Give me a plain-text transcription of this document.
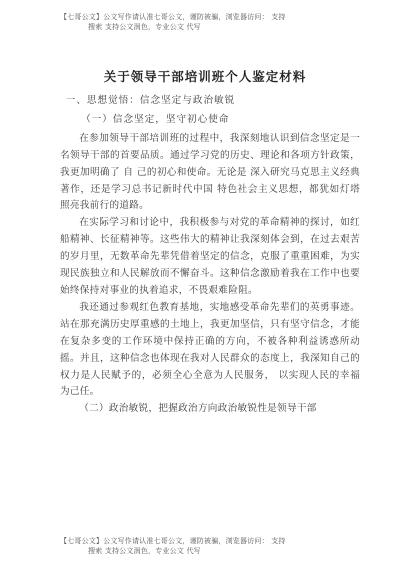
【七哥公文】公文写作请认准七哥公文，谨防被骗，浏览器访问： 支持
搜索 支持公文润色，专业公文 代写
关于领导干部培训班个人鉴定材料

一、思想觉悟：信念坚定与政治敏锐

（一）信念坚定，坚守初心使命

在参加领导干部培训班的过程中，我深刻地认识到信念坚定是一名领导干部的首要品质。通过学习党的历史、理论和各项方针政策，我更加明确了 自 己的初心和使命。无论是 深入研究马克思主义经典著作，还是学习总书记新时代中国 特色社会主义思想，都犹如灯塔照亮我前行的道路。

在实际学习和讨论中，我积极参与对党的革命精神的探讨，如红船精神、长征精神等。这些伟大的精神让我深刻体会到，在过去艰苦的岁月里，无数革命先辈凭借着坚定的信念，克服了重重困难，为实现民族独立和人民解放而不懈奋斗。这种信念激励着我在工作中也要始终保持对事业的执着追求，不畏艰难险阻。

我还通过参观红色教育基地，实地感受革命先辈们的英勇事迹。站在那充满历史厚重感的土地上，我更加坚信，只有坚守信念，才能在复杂多变的工作环境中保持正确的方向，不被各种利益诱惑所动摇。并且，这种信念也体现在我对人民群众的态度上，我深知自己的权力是人民赋予的，必须全心全意为人民服务， 以实现人民的幸福为己任。

（二）政治敏锐，把握政治方向政治敏锐性是领导干部

【七哥公文】公文写作请认准七哥公文，谨防被骗，浏览器访问： 支持
搜索 支持公文润色，专业公文 代写
